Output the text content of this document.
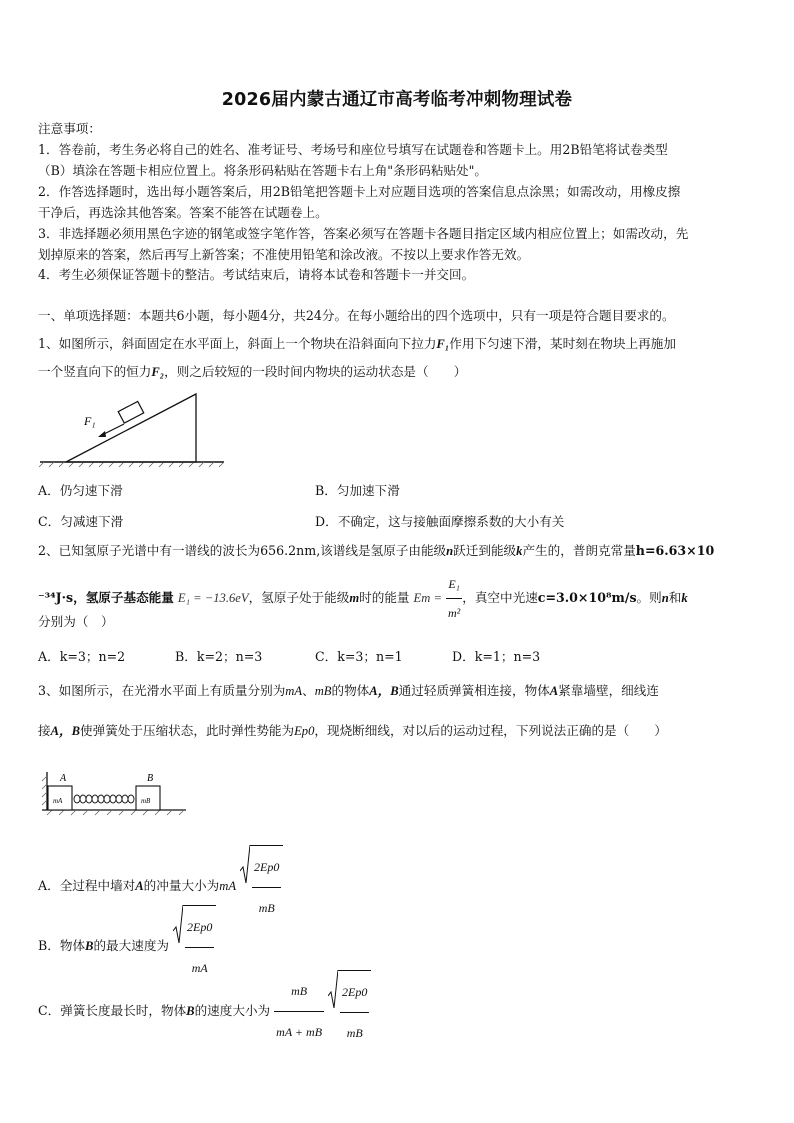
2026届内蒙古通辽市高考临考冲刺物理试卷
注意事项：
1．答卷前，考生务必将自己的姓名、准考证号、考场号和座位号填写在试题卷和答题卡上。用2B铅笔将试卷类型
（B）填涂在答题卡相应位置上。将条形码粘贴在答题卡右上角"条形码粘贴处"。
2．作答选择题时，选出每小题答案后，用2B铅笔把答题卡上对应题目选项的答案信息点涂黑；如需改动，用橡皮擦
干净后，再选涂其他答案。答案不能答在试题卷上。
3．非选择题必须用黑色字迹的钢笔或签字笔作答，答案必须写在答题卡各题目指定区域内相应位置上；如需改动，先
划掉原来的答案，然后再写上新答案；不准使用铅笔和涂改液。不按以上要求作答无效。
4．考生必须保证答题卡的整洁。考试结束后，请将本试卷和答题卡一并交回。
一、单项选择题：本题共6小题，每小题4分，共24分。在每小题给出的四个选项中，只有一项是符合题目要求的。
1、如图所示，斜面固定在水平面上，斜面上一个物块在沿斜面向下拉力F₁作用下匀速下滑，某时刻在物块上再施加
一个竖直向下的恒力F₂，则之后较短的一段时间内物块的运动状态是（　　）
F₁
A．仍匀速下滑	B．匀加速下滑
C．匀减速下滑	D．不确定，这与接触面摩擦系数的大小有关
2、已知氢原子光谱中有一谱线的波长为656.2nm,该谱线是氢原子由能级n跃迁到能级k产生的，普朗克常量h=6.63×10
⁻³⁴J·s，氢原子基态能量 E₁ = −13.6eV，氢原子处于能级m时的能量 $Em = \frac{\text{E₁}}{\text{m²}}$ ，真空中光速c=3.0×10⁸m/s。则n和k
分别为（　）
A．k=3；n=2	B．k=2；n=3	C．k=3；n=1	D．k=1；n=3
3、如图所示，在光滑水平面上有质量分别为mA、mB的物体A，B通过轻质弹簧相连接，物体A紧靠墙壁，细线连
接A，B使弹簧处于压缩状态，此时弹性势能为Ep0，现烧断细线，对以后的运动过程，下列说法正确的是（　　）
A	B
mA	mB
A．全过程中墙对A的冲量大小为mA $\frac{2Ep0}{mB}$
B．物体B的最大速度为 $\frac{2Ep0}{mA}$
C．弹簧长度最长时，物体B的速度大小为 $\frac{mB}{mA + mB}$
$\frac{2Ep0}{mB}$
